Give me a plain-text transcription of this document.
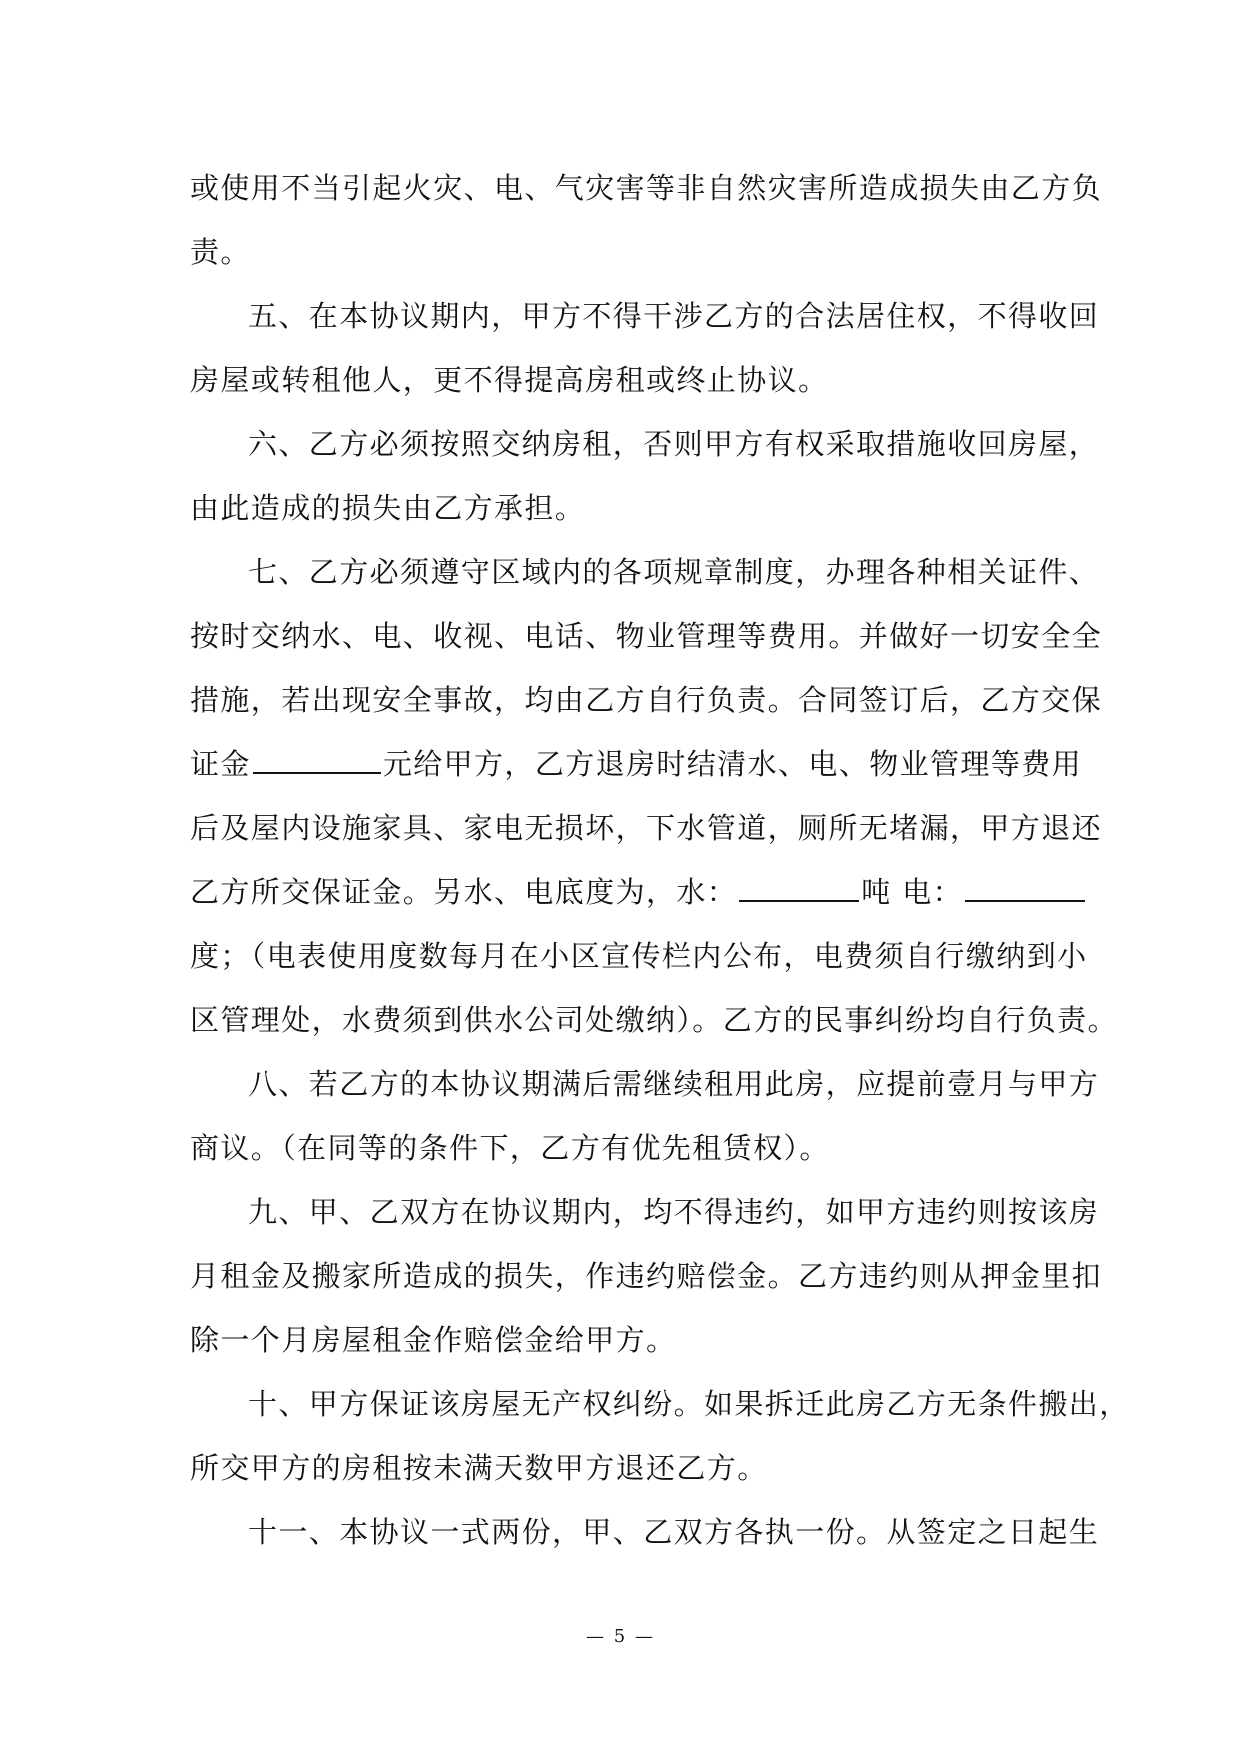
或使用不当引起火灾、电、气灾害等非自然灾害所造成损失由乙方负
责。
五、在本协议期内，甲方不得干涉乙方的合法居住权，不得收回
房屋或转租他人，更不得提高房租或终止协议。
六、乙方必须按照交纳房租，否则甲方有权采取措施收回房屋，
由此造成的损失由乙方承担。
七、乙方必须遵守区域内的各项规章制度，办理各种相关证件、
按时交纳水、电、收视、电话、物业管理等费用。并做好一切安全全
措施，若出现安全事故，均由乙方自行负责。合同签订后，乙方交保
证金	元给甲方，乙方退房时结清水、电、物业管理等费用
后及屋内设施家具、家电无损坏，下水管道，厕所无堵漏，甲方退还
乙方所交保证金。另水、电底度为，水：	吨 电：
度；（电表使用度数每月在小区宣传栏内公布，电费须自行缴纳到小
区管理处，水费须到供水公司处缴纳）。乙方的民事纠纷均自行负责。
八、若乙方的本协议期满后需继续租用此房，应提前壹月与甲方
商议。（在同等的条件下，乙方有优先租赁权）。
九、甲、乙双方在协议期内，均不得违约，如甲方违约则按该房
月租金及搬家所造成的损失，作违约赔偿金。乙方违约则从押金里扣
除一个月房屋租金作赔偿金给甲方。
十、甲方保证该房屋无产权纠纷。如果拆迁此房乙方无条件搬出，
所交甲方的房租按未满天数甲方退还乙方。
十一、本协议一式两份，甲、乙双方各执一份。从签定之日起生
— 5 —
